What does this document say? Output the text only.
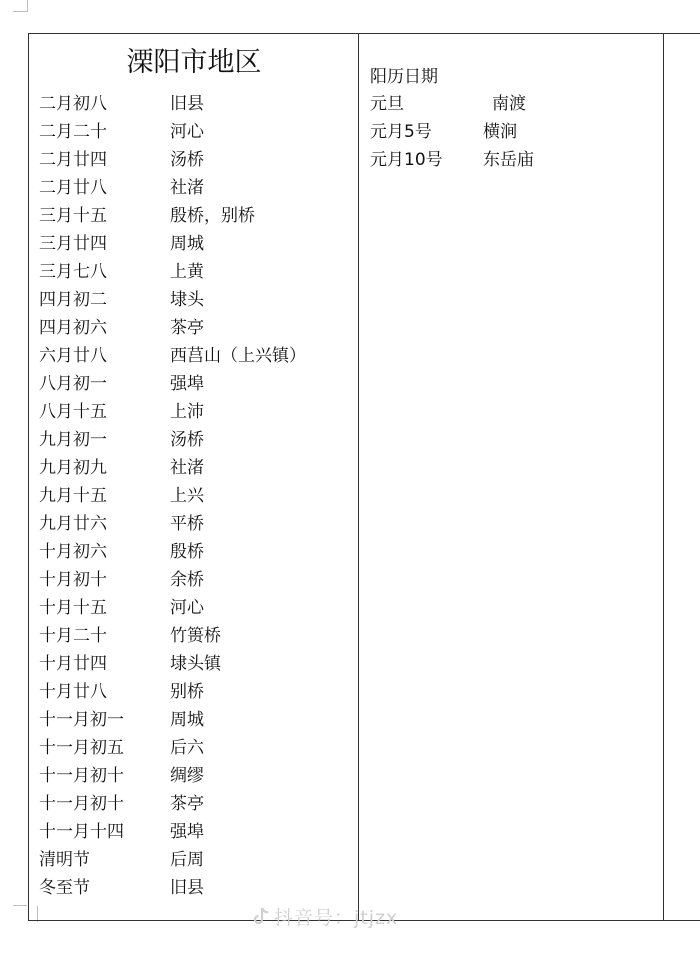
溧阳市地区
二月初八	旧县
二月二十	河心
二月廿四	汤桥
二月廿八	社渚
三月十五	殷桥，别桥
三月廿四	周城
三月七八	上黄
四月初二	埭头
四月初六	茶亭
六月廿八	西莒山（上兴镇）
八月初一	强埠
八月十五	上沛
九月初一	汤桥
九月初九	社渚
九月十五	上兴
九月廿六	平桥
十月初六	殷桥
十月初十	余桥
十月十五	河心
十月二十	竹篑桥
十月廿四	埭头镇
十月廿八	别桥
十一月初一	周城
十一月初五	后六
十一月初十	绸缪
十一月初十	茶亭
十一月十四	强埠
清明节	后周
冬至节	旧县
阳历日期
元旦	南渡
元月5号	横涧
元月10号 东岳庙
抖音号：jtjzx
